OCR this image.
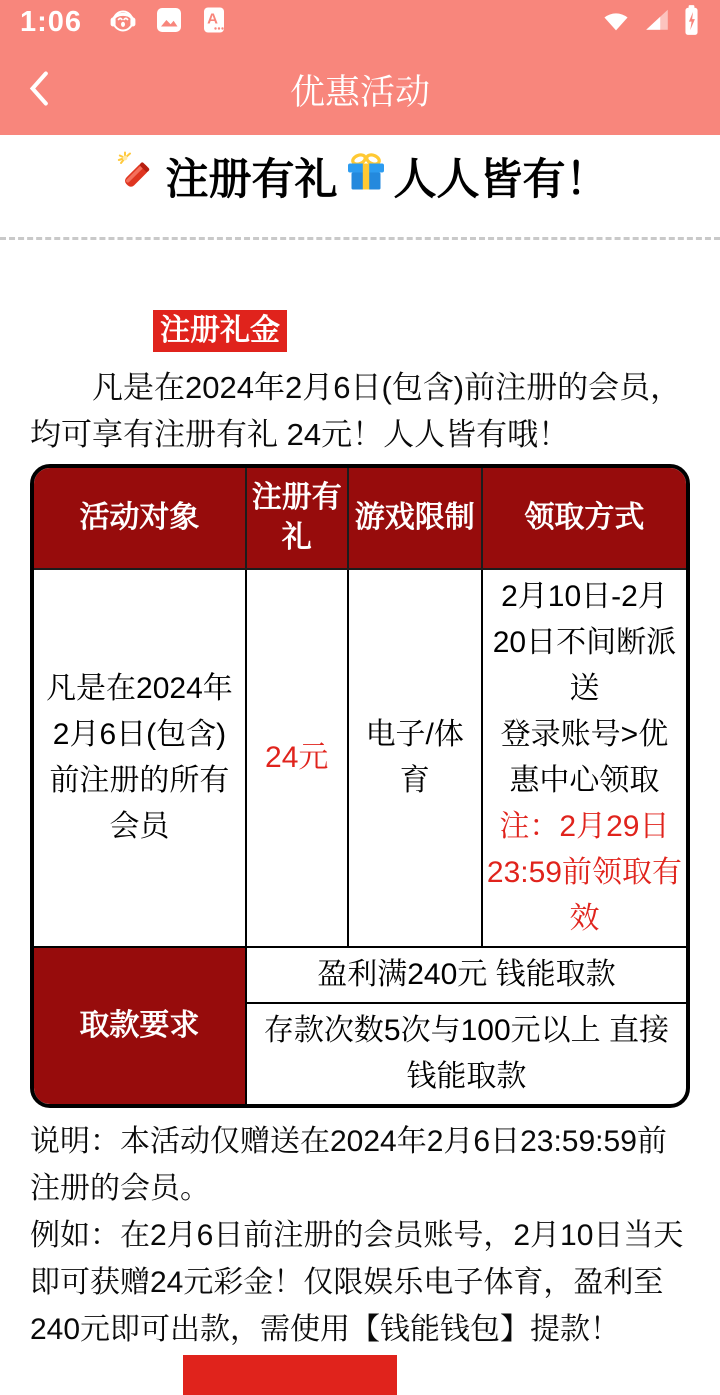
1:06	A
优惠活动
注册有礼 人人皆有！
注册礼金

凡是在2024年2月6日(包含)前注册的会员，均可享有注册有礼 24元！人人皆有哦！

活动对象	注册有礼	游戏限制	领取方式
凡是在2024年2月6日(包含)前注册的所有会员	24元	电子/体育	2月10日-2月20日不间断派送

登录账号>优惠中心领取

注：2月29日23:59前领取有效

取款要求	盈利满240元 钱能取款		
	存款次数5次与100元以上 直接钱能取款		

说明：本活动仅赠送在2024年2月6日23:59:59前注册的会员。

例如：在2月6日前注册的会员账号，2月10日当天即可获赠24元彩金！仅限娱乐电子体育，盈利至240元即可出款，需使用【钱能钱包】提款！
